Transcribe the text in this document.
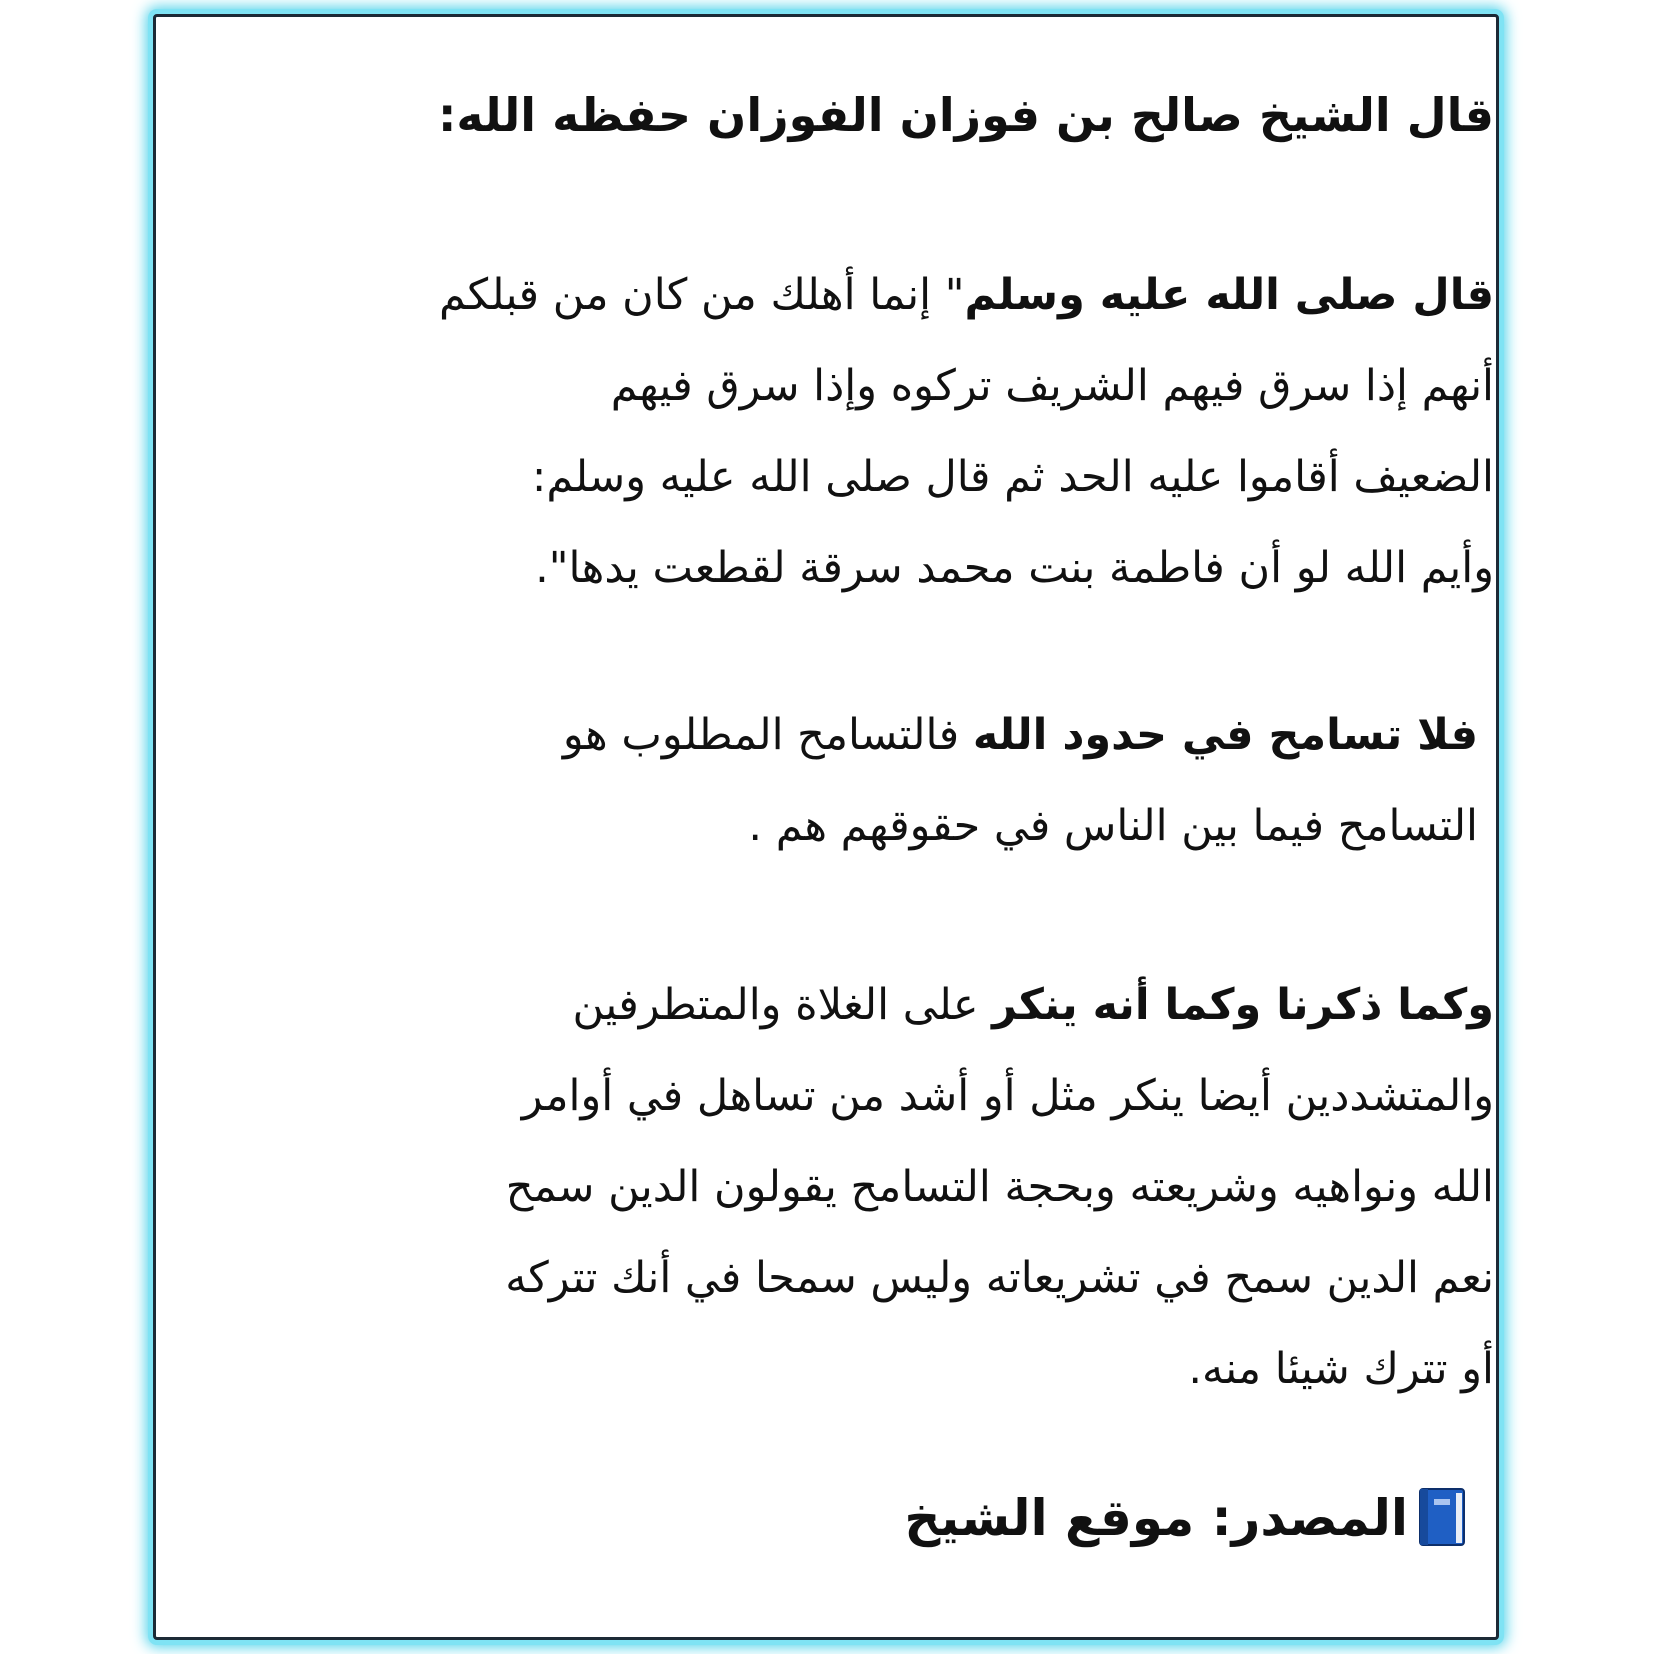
قال الشيخ صالح بن فوزان الفوزان حفظه الله:
قال صلى الله عليه وسلم" إنما أهلك من كان من قبلكم
أنهم إذا سرق فيهم الشريف تركوه وإذا سرق فيهم
الضعيف أقاموا عليه الحد ثم قال صلى الله عليه وسلم:
وأيم الله لو أن فاطمة بنت محمد سرقة لقطعت يدها".
فلا تسامح في حدود الله فالتسامح المطلوب هو
التسامح فيما بين الناس في حقوقهم هم .
وكما ذكرنا وكما أنه ينكر على الغلاة والمتطرفين
والمتشددين أيضا ينكر مثل أو أشد من تساهل في أوامر
الله ونواهيه وشريعته وبحجة التسامح يقولون الدين سمح
نعم الدين سمح في تشريعاته وليس سمحا في أنك تتركه
أو تترك شيئا منه.
المصدر: موقع الشيخ
